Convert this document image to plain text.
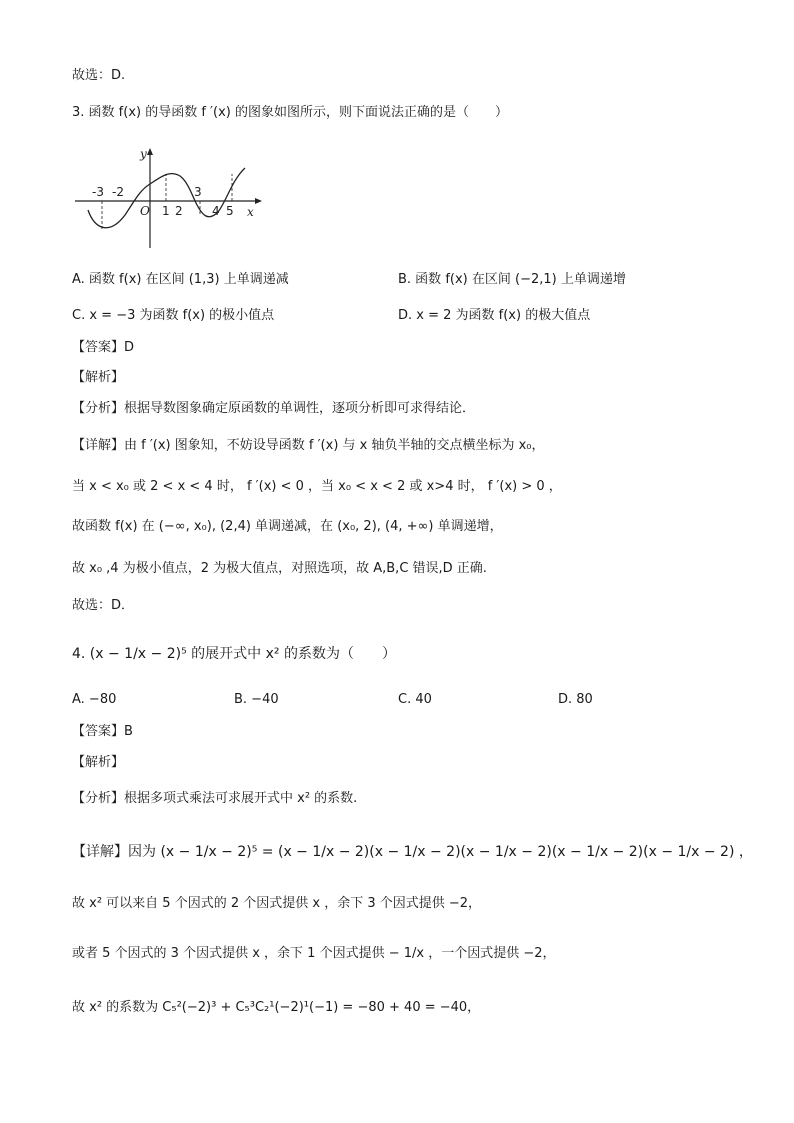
故选：D.
3. 函数 f(x) 的导函数 f ′(x) 的图象如图所示，则下面说法正确的是（　　）
y
x
O
-3 -2
1 2
3
4 5
A. 函数 f(x) 在区间 (1,3) 上单调递减	B. 函数 f(x) 在区间 (−2,1) 上单调递增
C. x = −3 为函数 f(x) 的极小值点	D. x = 2 为函数 f(x) 的极大值点
【答案】D
【解析】
【分析】根据导数图象确定原函数的单调性，逐项分析即可求得结论．
【详解】由 f ′(x) 图象知，不妨设导函数 f ′(x) 与 x 轴负半轴的交点横坐标为 x₀，
当 x < x₀ 或 2 < x < 4 时， f ′(x) < 0 ，当 x₀ < x < 2 或 x>4 时， f ′(x) > 0 ，
故函数 f(x) 在 (−∞, x₀), (2,4) 单调递减，在 (x₀, 2), (4, +∞) 单调递增，
故 x₀ ,4 为极小值点，2 为极大值点，对照选项，故 A,B,C 错误,D 正确.
故选：D．
4. (x − 1/x − 2)⁵ 的展开式中 x² 的系数为（　　）
A. −80	B. −40	C. 40	D. 80
【答案】B
【解析】
【分析】根据多项式乘法可求展开式中 x² 的系数.
【详解】因为 (x − 1/x − 2)⁵ = (x − 1/x − 2)(x − 1/x − 2)(x − 1/x − 2)(x − 1/x − 2)(x − 1/x − 2) ，
故 x² 可以来自 5 个因式的 2 个因式提供 x ，余下 3 个因式提供 −2，
或者 5 个因式的 3 个因式提供 x ，余下 1 个因式提供 − 1/x ，一个因式提供 −2，
故 x² 的系数为 C₅²(−2)³ + C₅³C₂¹(−2)¹(−1) = −80 + 40 = −40，
